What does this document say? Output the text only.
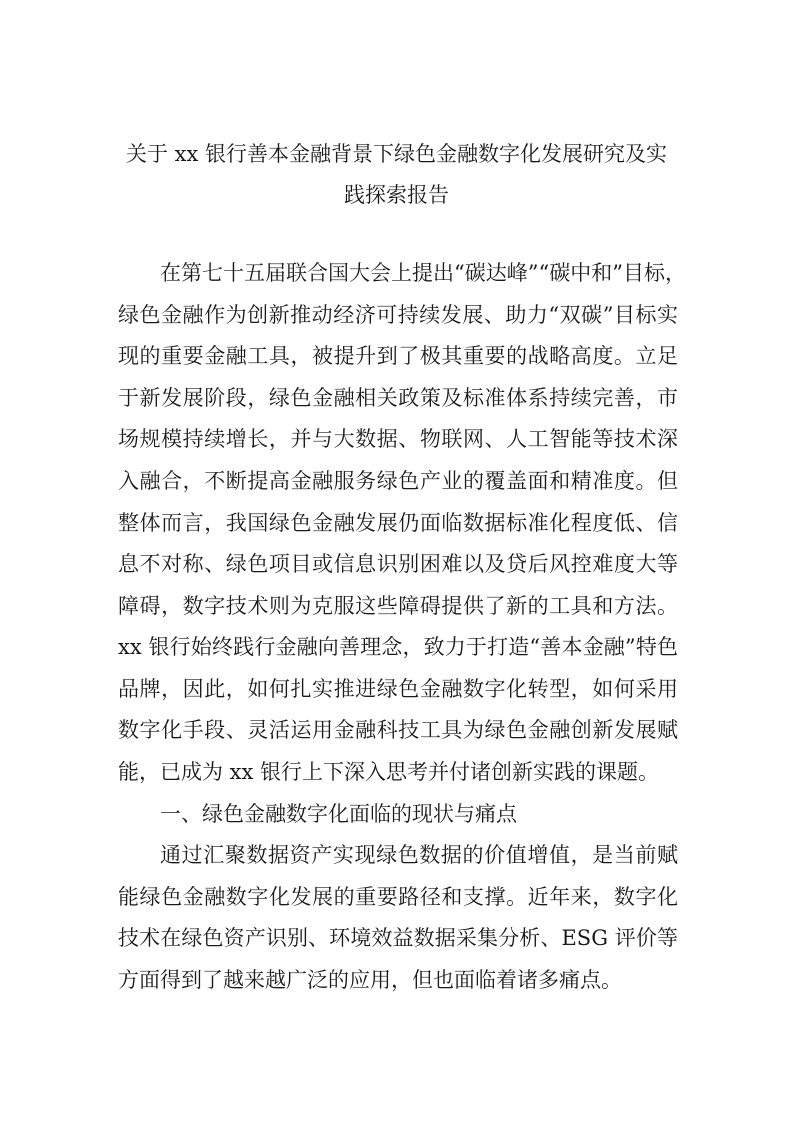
关于 xx 银行善本金融背景下绿色金融数字化发展研究及实
践探索报告
在第七十五届联合国大会上提出“碳达峰”“碳中和”目标，
绿色金融作为创新推动经济可持续发展、助力“双碳”目标实
现的重要金融工具，被提升到了极其重要的战略高度。立足
于新发展阶段，绿色金融相关政策及标准体系持续完善，市
场规模持续增长，并与大数据、物联网、人工智能等技术深
入融合，不断提高金融服务绿色产业的覆盖面和精准度。但
整体而言，我国绿色金融发展仍面临数据标准化程度低、信
息不对称、绿色项目或信息识别困难以及贷后风控难度大等
障碍，数字技术则为克服这些障碍提供了新的工具和方法。
xx 银行始终践行金融向善理念，致力于打造“善本金融”特色
品牌，因此，如何扎实推进绿色金融数字化转型，如何采用
数字化手段、灵活运用金融科技工具为绿色金融创新发展赋
能，已成为 xx 银行上下深入思考并付诸创新实践的课题。
一、绿色金融数字化面临的现状与痛点
通过汇聚数据资产实现绿色数据的价值增值，是当前赋
能绿色金融数字化发展的重要路径和支撑。近年来，数字化
技术在绿色资产识别、环境效益数据采集分析、ESG 评价等
方面得到了越来越广泛的应用，但也面临着诸多痛点。
